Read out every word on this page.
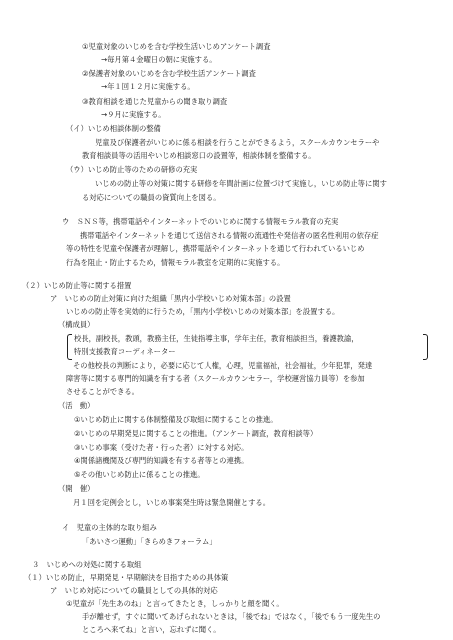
①児童対象のいじめを含む学校生活いじめアンケート調査
→毎月第４金曜日の朝に実施する。
②保護者対象のいじめを含む学校生活アンケート調査
→年１回１２月に実施する。
③教育相談を通じた児童からの聞き取り調査
→９月に実施する。
（イ）いじめ相談体制の整備
児童及び保護者がいじめに係る相談を行うことができるよう，スクールカウンセラーや
教育相談員等の活用やいじめ相談窓口の設置等，相談体制を整備する。
（ウ）いじめ防止等のための研修の充実
いじめの防止等の対策に関する研修を年間計画に位置づけて実施し，いじめ防止等に関す
る対応についての職員の資質向上を図る。
ウ　ＳＮＳ等，携帯電話やインターネットでのいじめに関する情報モラル教育の充実
携帯電話やインターネットを通じて送信される情報の流通性や発信者の匿名性利用の依存症
等の特性を児童や保護者が理解し，携帯電話やインターネットを通じて行われているいじめ
行為を阻止・防止するため，情報モラル教室を定期的に実施する。
（２）いじめ防止等に関する措置
ア　いじめの防止対策に向けた組織「黒内小学校いじめ対策本部」の設置
いじめの防止等を実効的に行うため，「黒内小学校いじめの対策本部」を設置する。
（構成員）
校長，副校長，教頭，教務主任，生徒指導主事，学年主任，教育相談担当，養護教諭，
特別支援教育コーディネーター
その他校長の判断により，必要に応じて人権，心理，児童福祉，社会福祉，少年犯罪，発達
障害等に関する専門的知識を有する者（スクールカウンセラー，学校運営協力員等）を参加
させることができる。
（活　動）
①いじめ防止に関する体制整備及び取組に関することの推進。
②いじめの早期発見に関することの推進。（アンケート調査，教育相談等）
③いじめ事案（受けた者・行った者）に対する対応。
④関係諸機関及び専門的知識を有する者等との連携。
⑤その他いじめ防止に係ることの推進。
（開　催）
月１回を定例会とし，いじめ事案発生時は緊急開催とする。
イ　児童の主体的な取り組み
「あいさつ運動」「きらめきフォーラム」
３　いじめへの対処に関する取組
（１）いじめ防止，早期発見・早期解決を目指すための具体策
ア　いじめ対応についての職員としての具体的対応
①児童が「先生あのね」と言ってきたとき，しっかりと顔を聞く。
手が離せず，すぐに聞いてあげられないときは，「後でね」ではなく，「後でもう一度先生の
ところへ来てね」と言い，忘れずに聞く。
